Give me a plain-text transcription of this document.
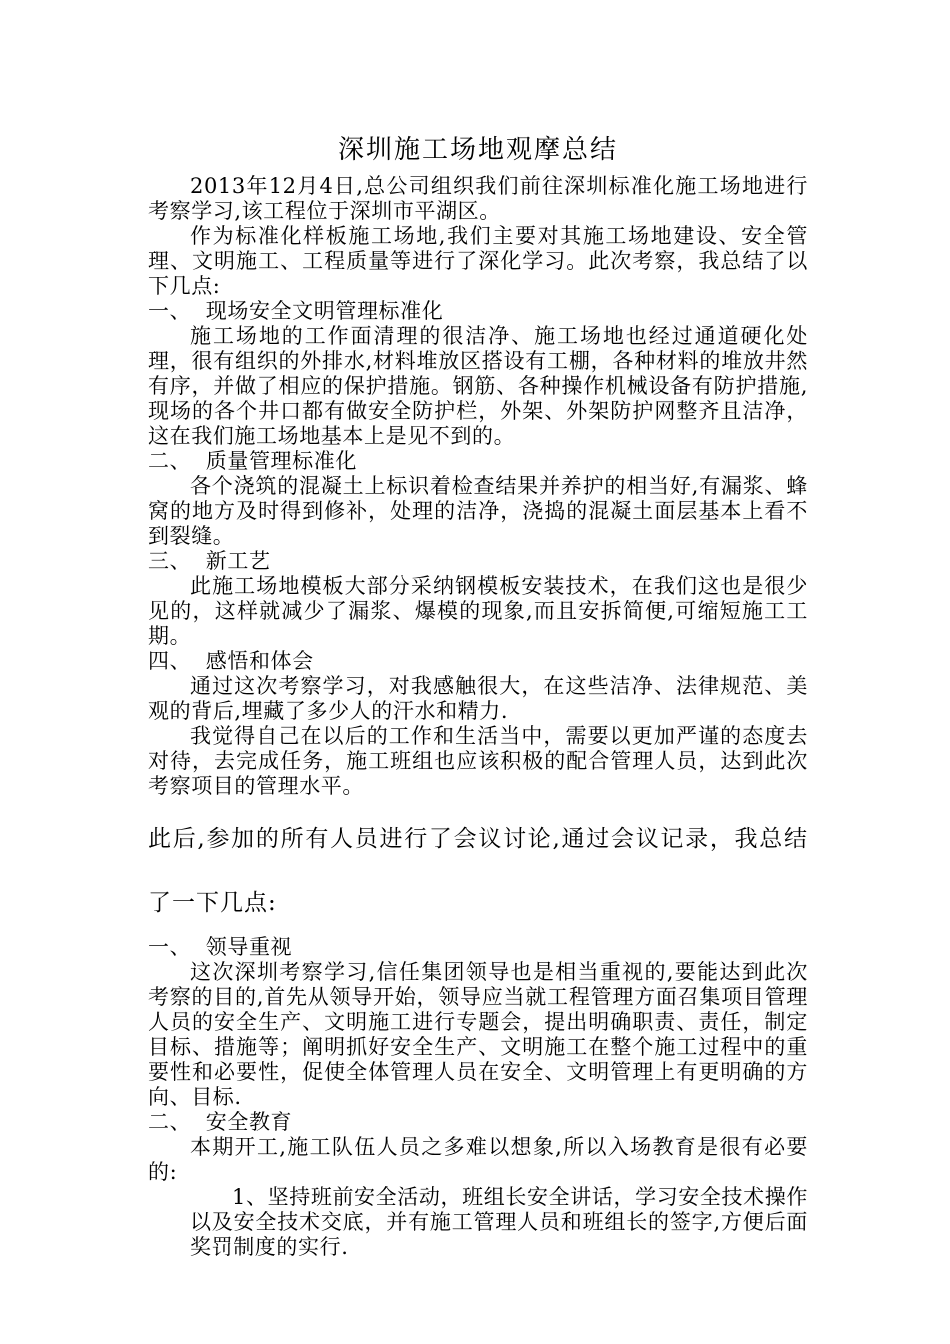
深圳施工场地观摩总结

2013年12月4日,总公司组织我们前往深圳标准化施工场地进行考察学习,该工程位于深圳市平湖区。

作为标准化样板施工场地,我们主要对其施工场地建设、安全管理、文明施工、工程质量等进行了深化学习。此次考察，我总结了以下几点:

一、  现场安全文明管理标准化

施工场地的工作面清理的很洁净、施工场地也经过通道硬化处理，很有组织的外排水,材料堆放区搭设有工棚，各种材料的堆放井然有序，并做了相应的保护措施。钢筋、各种操作机械设备有防护措施,现场的各个井口都有做安全防护栏，外架、外架防护网整齐且洁净，这在我们施工场地基本上是见不到的。

二、  质量管理标准化

各个浇筑的混凝土上标识着检查结果并养护的相当好,有漏浆、蜂窝的地方及时得到修补，处理的洁净，浇捣的混凝土面层基本上看不到裂缝。

三、  新工艺

此施工场地模板大部分采纳钢模板安装技术，在我们这也是很少见的，这样就减少了漏浆、爆模的现象,而且安拆简便,可缩短施工工期。

四、  感悟和体会

通过这次考察学习，对我感触很大，在这些洁净、法律规范、美观的背后,埋藏了多少人的汗水和精力.

我觉得自己在以后的工作和生活当中，需要以更加严谨的态度去对待，去完成任务，施工班组也应该积极的配合管理人员，达到此次考察项目的管理水平。

此后,参加的所有人员进行了会议讨论,通过会议记录，我总结了一下几点:

一、  领导重视

这次深圳考察学习,信任集团领导也是相当重视的,要能达到此次考察的目的,首先从领导开始，领导应当就工程管理方面召集项目管理人员的安全生产、文明施工进行专题会，提出明确职责、责任，制定目标、措施等；阐明抓好安全生产、文明施工在整个施工过程中的重要性和必要性，促使全体管理人员在安全、文明管理上有更明确的方向、目标.

二、  安全教育

本期开工,施工队伍人员之多难以想象,所以入场教育是很有必要的:

1、坚持班前安全活动，班组长安全讲话，学习安全技术操作以及安全技术交底，并有施工管理人员和班组长的签字,方便后面奖罚制度的实行.
